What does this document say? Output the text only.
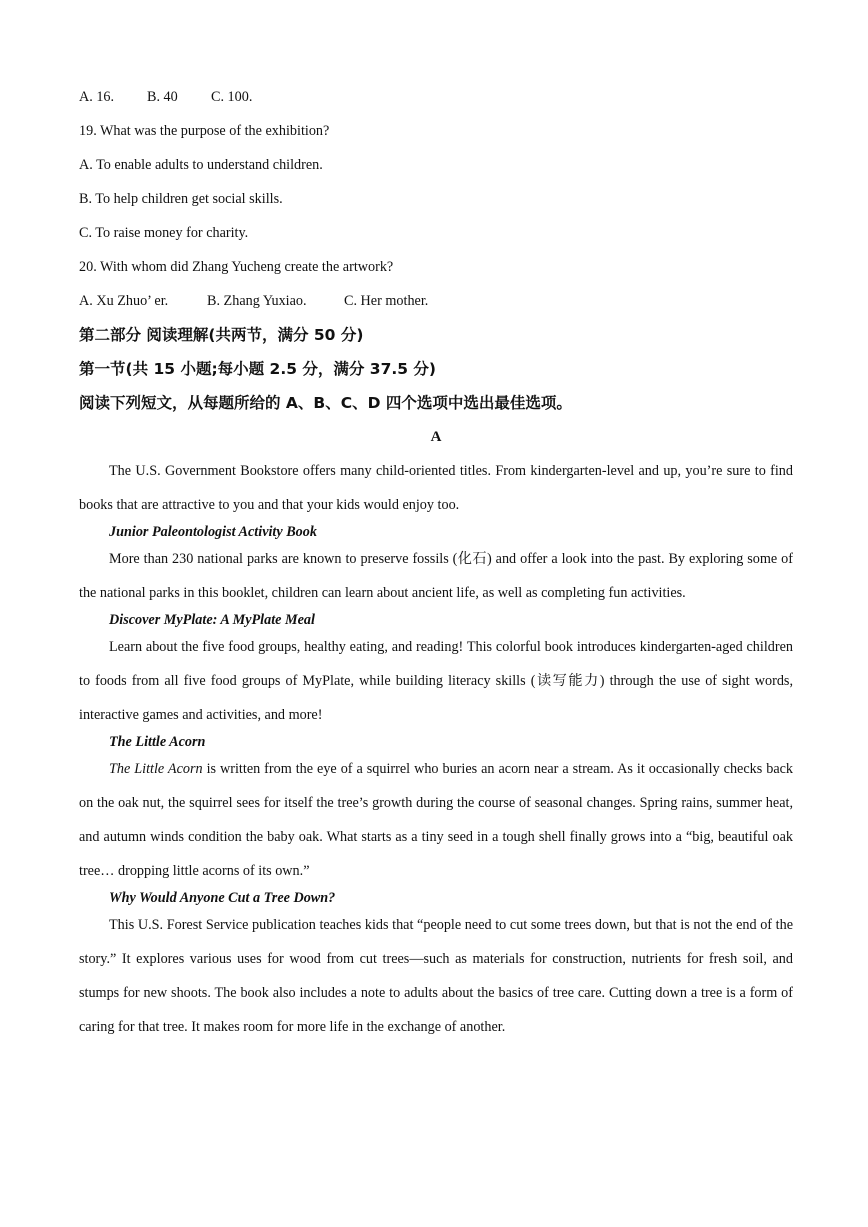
A. 16. B. 40 C. 100.
19. What was the purpose of the exhibition?
A. To enable adults to understand children.
B. To help children get social skills.
C. To raise money for charity.
20. With whom did Zhang Yucheng create the artwork?
A. Xu Zhuo’ er.	B. Zhang Yuxiao.	C. Her mother.
第二部分 阅读理解(共两节，满分 50 分)
第一节(共 15 小题;每小题 2.5 分，满分 37.5 分)
阅读下列短文，从每题所给的 A、B、C、D 四个选项中选出最佳选项。
A

The U.S. Government Bookstore offers many child-oriented titles. From kindergarten-level and up, you’re sure to find books that are attractive to you and that your kids would enjoy too.

Junior Paleontologist Activity Book

More than 230 national parks are known to preserve fossils (化石) and offer a look into the past. By exploring some of the national parks in this booklet, children can learn about ancient life, as well as completing fun activities.

Discover MyPlate: A MyPlate Meal

Learn about the five food groups, healthy eating, and reading! This colorful book introduces kindergarten-aged children to foods from all five food groups of MyPlate, while building literacy skills (读写能力) through the use of sight words, interactive games and activities, and more!

The Little Acorn

The Little Acorn is written from the eye of a squirrel who buries an acorn near a stream. As it occasionally checks back on the oak nut, the squirrel sees for itself the tree’s growth during the course of seasonal changes. Spring rains, summer heat, and autumn winds condition the baby oak. What starts as a tiny seed in a tough shell finally grows into a “big, beautiful oak tree… dropping little acorns of its own.”

Why Would Anyone Cut a Tree Down?

This U.S. Forest Service publication teaches kids that “people need to cut some trees down, but that is not the end of the story.” It explores various uses for wood from cut trees—such as materials for construction, nutrients for fresh soil, and stumps for new shoots. The book also includes a note to adults about the basics of tree care. Cutting down a tree is a form of caring for that tree. It makes room for more life in the exchange of another.
